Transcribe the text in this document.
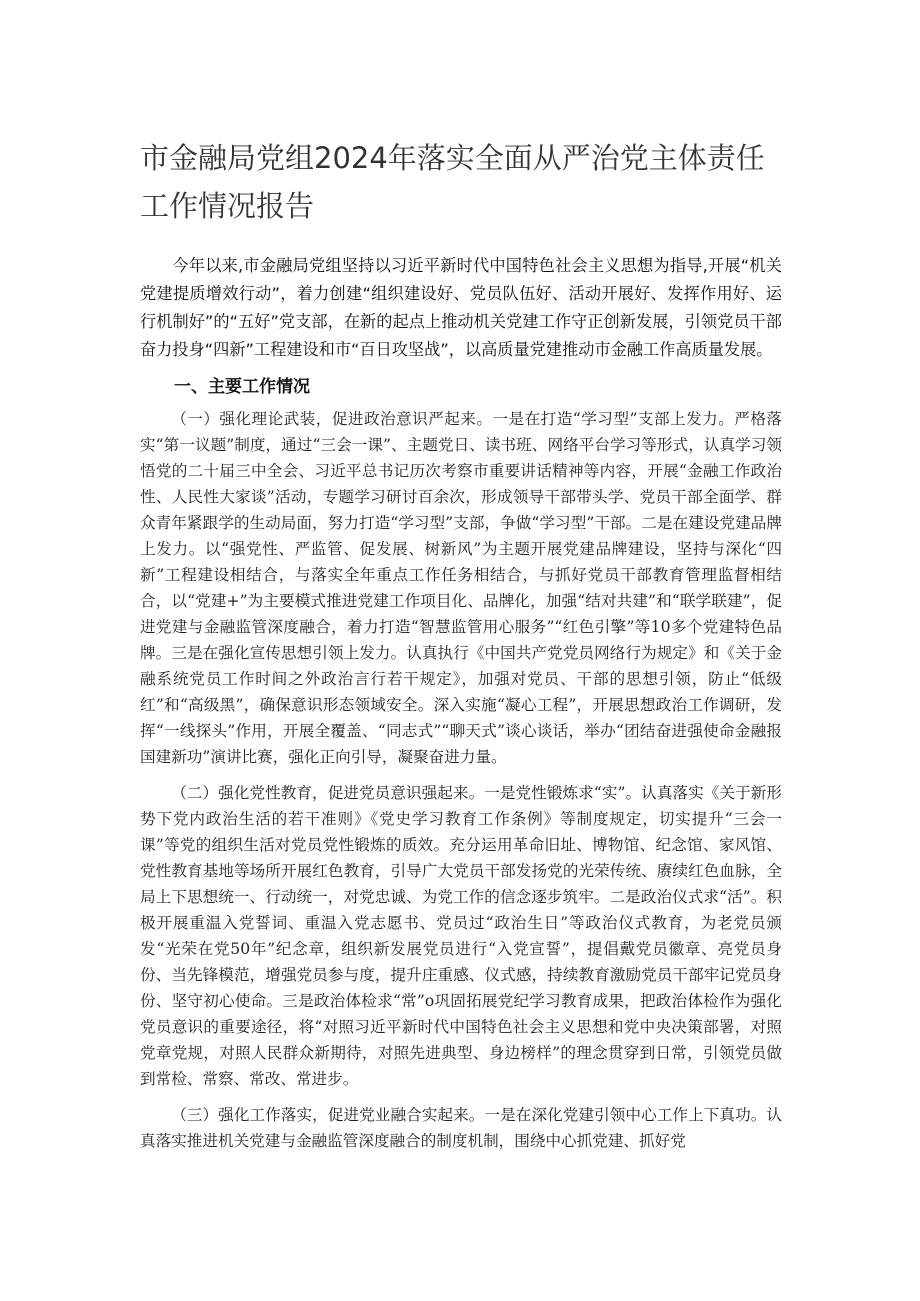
市金融局党组2024年落实全面从严治党主体责任工作情况报告

今年以来,市金融局党组坚持以习近平新时代中国特色社会主义思想为指导,开展“机关党建提质增效行动”，着力创建“组织建设好、党员队伍好、活动开展好、发挥作用好、运行机制好”的“五好”党支部，在新的起点上推动机关党建工作守正创新发展，引领党员干部奋力投身“四新”工程建设和市“百日攻坚战”，以高质量党建推动市金融工作高质量发展。

一、主要工作情况

（一）强化理论武装，促进政治意识严起来。一是在打造“学习型”支部上发力。严格落实“第一议题”制度，通过“三会一课”、主题党日、读书班、网络平台学习等形式，认真学习领悟党的二十届三中全会、习近平总书记历次考察市重要讲话精神等内容，开展“金融工作政治性、人民性大家谈”活动，专题学习研讨百余次，形成领导干部带头学、党员干部全面学、群众青年紧跟学的生动局面，努力打造“学习型”支部，争做“学习型”干部。二是在建设党建品牌上发力。以“强党性、严监管、促发展、树新风”为主题开展党建品牌建设，坚持与深化“四新”工程建设相结合，与落实全年重点工作任务相结合，与抓好党员干部教育管理监督相结合，以“党建+”为主要模式推进党建工作项目化、品牌化，加强“结对共建”和“联学联建”，促进党建与金融监管深度融合，着力打造“智慧监管用心服务”“红色引擎”等10多个党建特色品牌。三是在强化宣传思想引领上发力。认真执行《中国共产党党员网络行为规定》和《关于金融系统党员工作时间之外政治言行若干规定》，加强对党员、干部的思想引领，防止“低级红”和“高级黑”，确保意识形态领域安全。深入实施“凝心工程”，开展思想政治工作调研，发挥“一线探头”作用，开展全覆盖、“同志式”“聊天式”谈心谈话，举办“团结奋进强使命金融报国建新功”演讲比赛，强化正向引导，凝聚奋进力量。

（二）强化党性教育，促进党员意识强起来。一是党性锻炼求“实”。认真落实《关于新形势下党内政治生活的若干准则》《党史学习教育工作条例》等制度规定，切实提升“三会一课”等党的组织生活对党员党性锻炼的质效。充分运用革命旧址、博物馆、纪念馆、家风馆、党性教育基地等场所开展红色教育，引导广大党员干部发扬党的光荣传统、赓续红色血脉，全局上下思想统一、行动统一，对党忠诚、为党工作的信念逐步筑牢。二是政治仪式求“活”。积极开展重温入党誓词、重温入党志愿书、党员过“政治生日”等政治仪式教育，为老党员颁发“光荣在党50年”纪念章，组织新发展党员进行“入党宣誓”，提倡戴党员徽章、亮党员身份、当先锋模范，增强党员参与度，提升庄重感、仪式感，持续教育激励党员干部牢记党员身份、坚守初心使命。三是政治体检求“常”o巩固拓展党纪学习教育成果，把政治体检作为强化党员意识的重要途径，将“对照习近平新时代中国特色社会主义思想和党中央决策部署，对照党章党规，对照人民群众新期待，对照先进典型、身边榜样”的理念贯穿到日常，引领党员做到常检、常察、常改、常进步。

（三）强化工作落实，促进党业融合实起来。一是在深化党建引领中心工作上下真功。认真落实推进机关党建与金融监管深度融合的制度机制，围绕中心抓党建、抓好党
